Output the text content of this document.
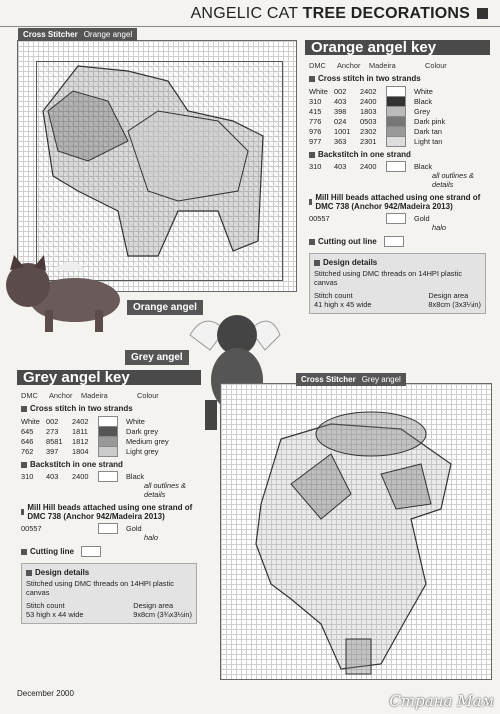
ANGELIC CAT TREE DECORATIONS
Cross Stitcher Orange angel
Orange angel key
DMC	Anchor	Madeira	Colour
Cross stitch in two strands
White 002	2402	White
310	403	2400	Black
415	398	1803	Grey
776	024	0503	Dark pink
976	1001	2302	Dark tan
977	363	2301	Light tan
Backstitch in one strand
310	403	2400	Black
all outlines & details
Mill Hill beads attached using one strand of DMC 738 (Anchor 942/Madeira 2013)
00557	Gold
halo
Cutting out line
Design details
Stitched using DMC threads on 14HPI plastic canvas
Stitch count
41 high x 45 wide
Design area
8x8cm (3x3¼in)
Orange angel
Grey angel
Grey angel key
DMC	Anchor	Madeira	Colour
Cross stitch in two strands
White 002	2402	White
645	273	1811	Dark grey
646	8581	1812	Medium grey
762	397	1804	Light grey
Backstitch in one strand
310	403	2400	Black
all outlines & details
Mill Hill beads attached using one strand of DMC 738 (Anchor 942/Madeira 2013)
00557	Gold
halo
Cutting line
Design details
Stitched using DMC threads on 14HPI plastic canvas
Stitch count
53 high x 44 wide
Design area
9x8cm (3¾x3½in)
Cross Stitcher Grey angel
December 2000	Страна Мам
